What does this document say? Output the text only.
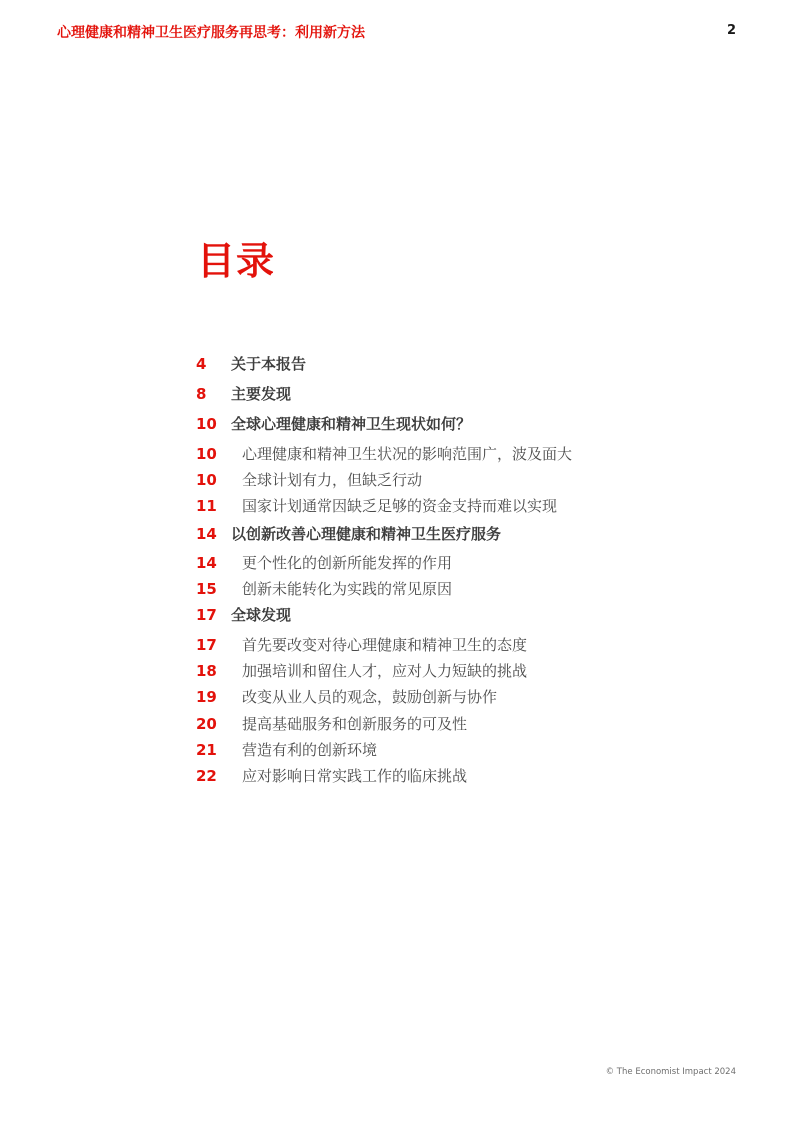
心理健康和精神卫生医疗服务再思考：利用新方法	2
目录
4 关于本报告
8 主要发现
10 全球心理健康和精神卫生现状如何？
10 心理健康和精神卫生状况的影响范围广，波及面大
10 全球计划有力，但缺乏行动
11 国家计划通常因缺乏足够的资金支持而难以实现
14 以创新改善心理健康和精神卫生医疗服务
14 更个性化的创新所能发挥的作用
15 创新未能转化为实践的常见原因
17 全球发现
17 首先要改变对待心理健康和精神卫生的态度
18 加强培训和留住人才，应对人力短缺的挑战
19 改变从业人员的观念，鼓励创新与协作
20 提高基础服务和创新服务的可及性
21 营造有利的创新环境
22 应对影响日常实践工作的临床挑战
© The Economist Impact 2024
